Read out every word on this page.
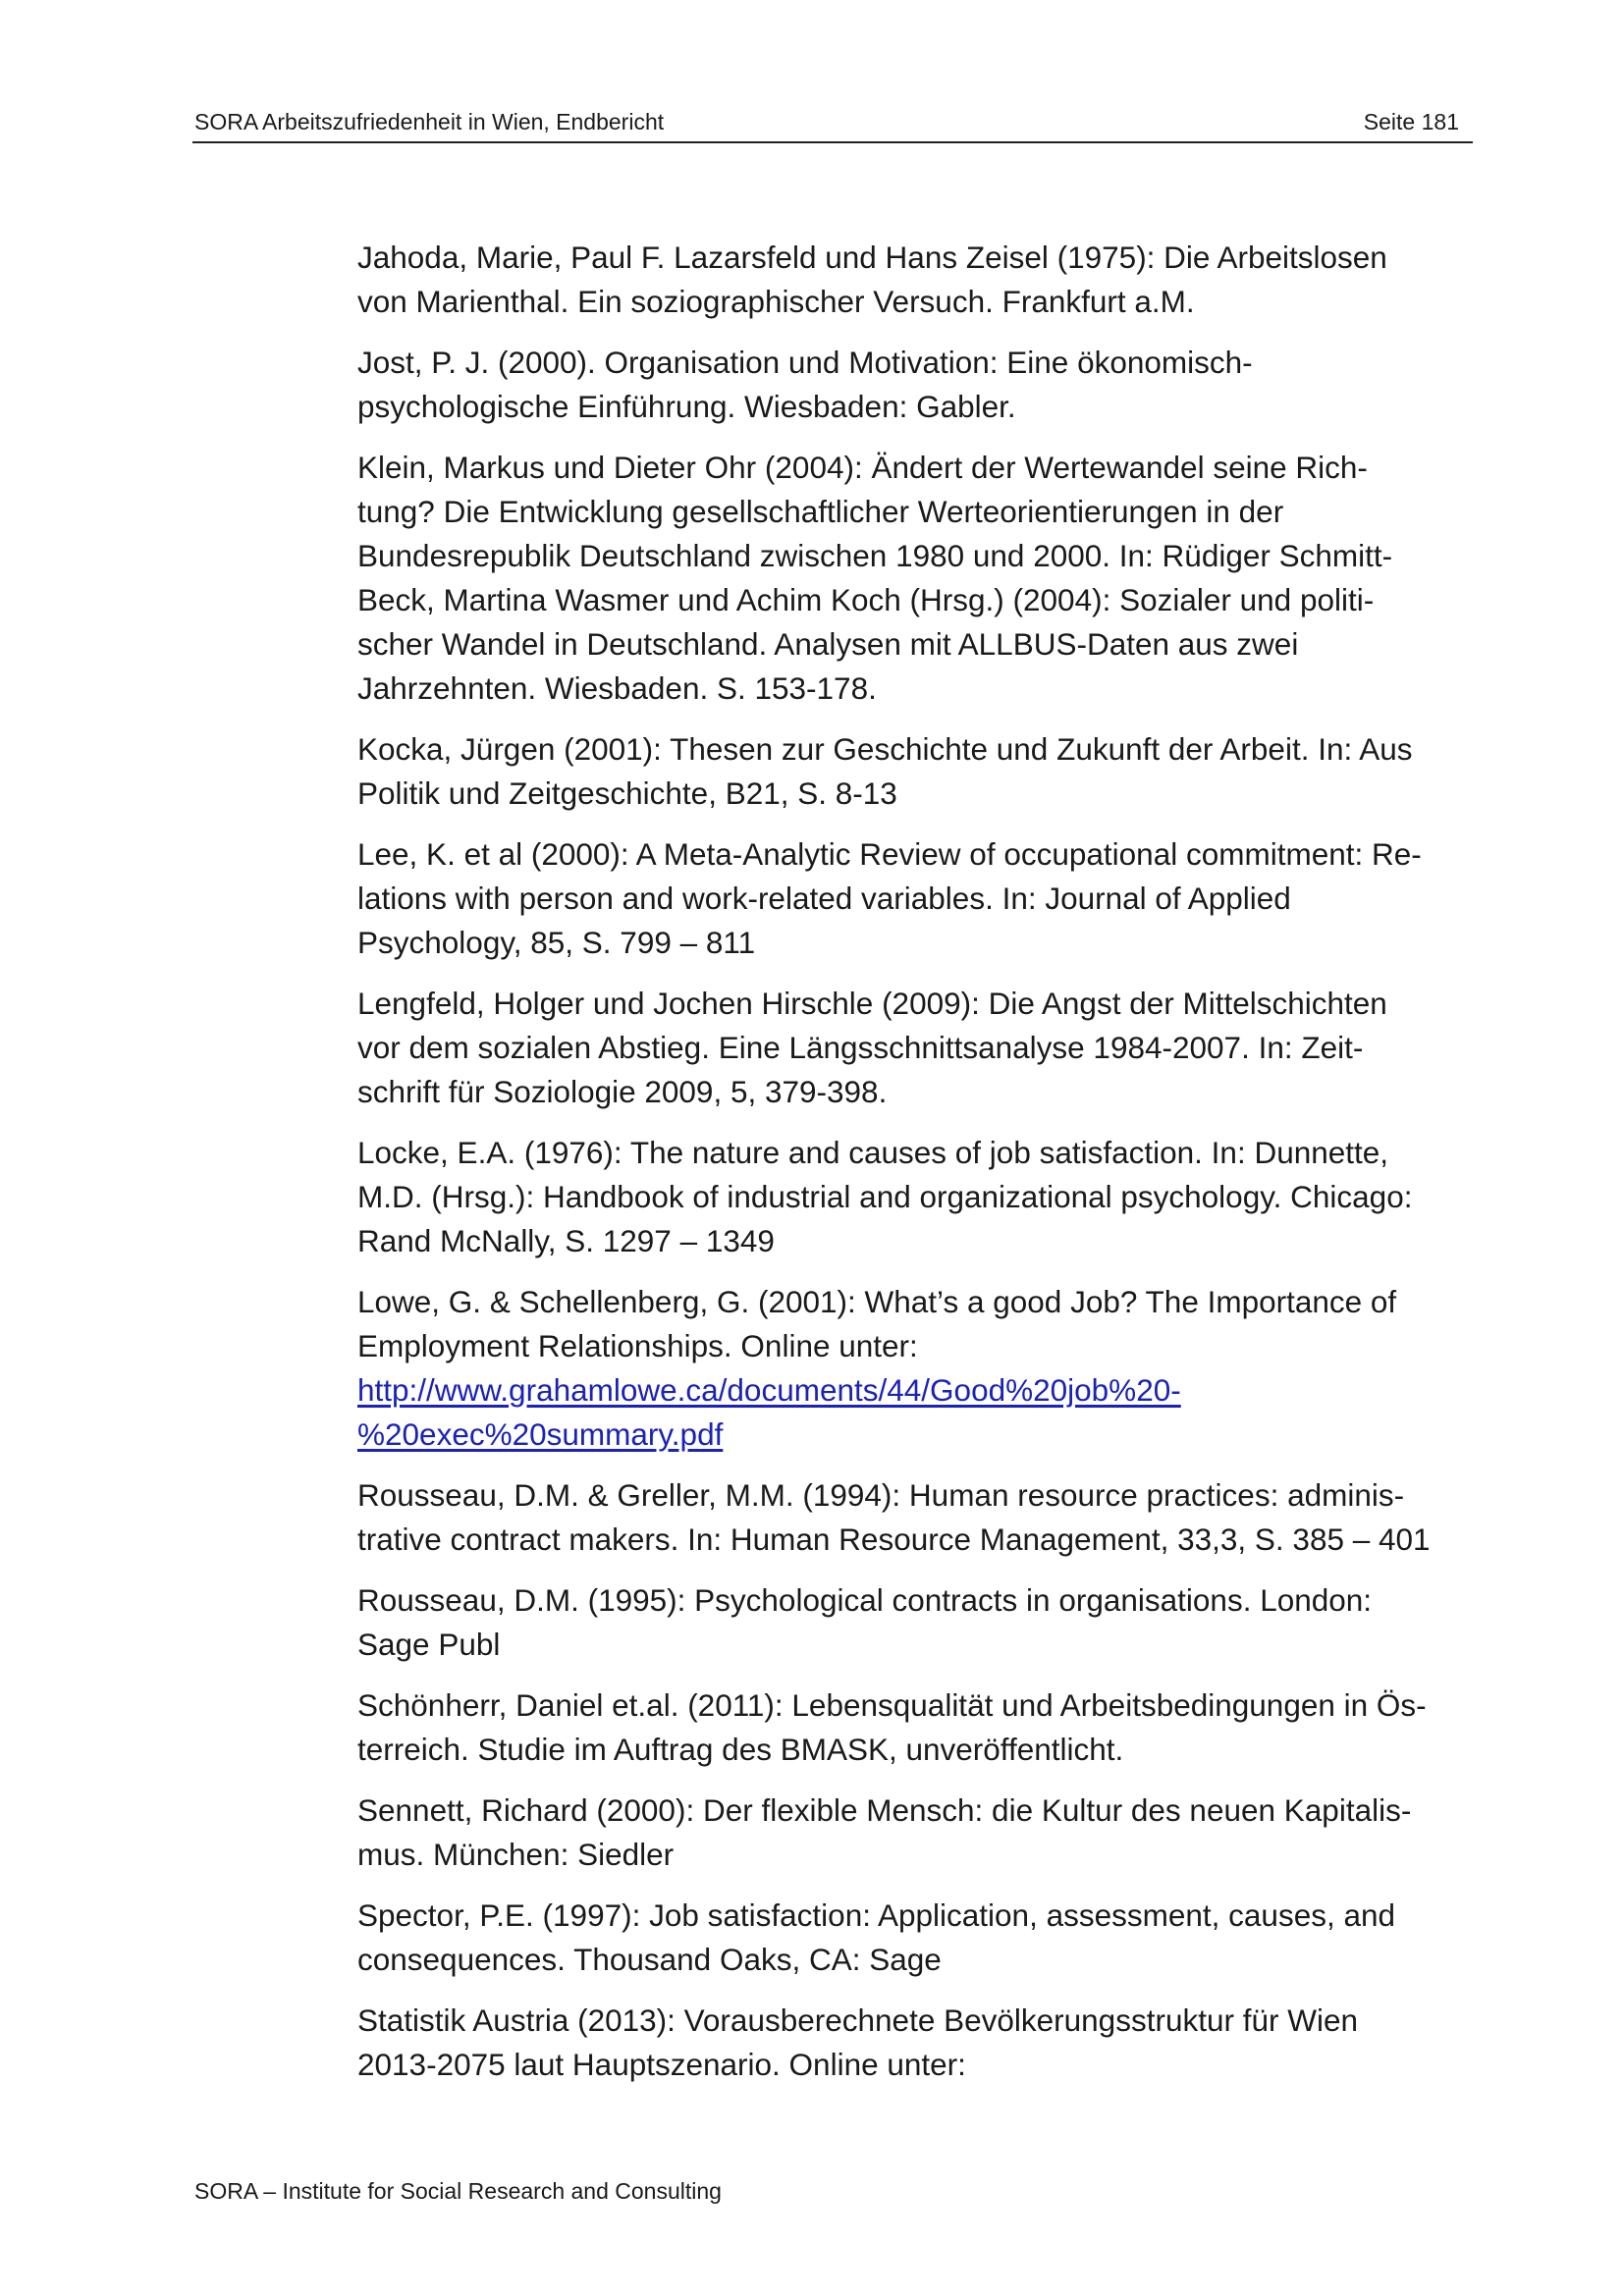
SORA Arbeitszufriedenheit in Wien, Endbericht	Seite 181

Jahoda, Marie, Paul F. Lazarsfeld und Hans Zeisel (1975): Die Arbeitslosen
von Marienthal. Ein soziographischer Versuch. Frankfurt a.M.

Jost, P. J. (2000). Organisation und Motivation: Eine ökonomisch-
psychologische Einführung. Wiesbaden: Gabler.

Klein, Markus und Dieter Ohr (2004): Ändert der Wertewandel seine Rich-
tung? Die Entwicklung gesellschaftlicher Werteorientierungen in der
Bundesrepublik Deutschland zwischen 1980 und 2000. In: Rüdiger Schmitt-
Beck, Martina Wasmer und Achim Koch (Hrsg.) (2004): Sozialer und politi-
scher Wandel in Deutschland. Analysen mit ALLBUS-Daten aus zwei
Jahrzehnten. Wiesbaden. S. 153-178.

Kocka, Jürgen (2001): Thesen zur Geschichte und Zukunft der Arbeit. In: Aus
Politik und Zeitgeschichte, B21, S. 8-13

Lee, K. et al (2000): A Meta-Analytic Review of occupational commitment: Re-
lations with person and work-related variables. In: Journal of Applied
Psychology, 85, S. 799 – 811

Lengfeld, Holger und Jochen Hirschle (2009): Die Angst der Mittelschichten
vor dem sozialen Abstieg. Eine Längsschnittsanalyse 1984-2007. In: Zeit-
schrift für Soziologie 2009, 5, 379-398.

Locke, E.A. (1976): The nature and causes of job satisfaction. In: Dunnette,
M.D. (Hrsg.): Handbook of industrial and organizational psychology. Chicago:
Rand McNally, S. 1297 – 1349

Lowe, G. & Schellenberg, G. (2001): What’s a good Job? The Importance of
Employment Relationships. Online unter:
http://www.grahamlowe.ca/documents/44/Good%20job%20-
%20exec%20summary.pdf

Rousseau, D.M. & Greller, M.M. (1994): Human resource practices: adminis-
trative contract makers. In: Human Resource Management, 33,3, S. 385 – 401

Rousseau, D.M. (1995): Psychological contracts in organisations. London:
Sage Publ

Schönherr, Daniel et.al. (2011): Lebensqualität und Arbeitsbedingungen in Ös-
terreich. Studie im Auftrag des BMASK, unveröffentlicht.

Sennett, Richard (2000): Der flexible Mensch: die Kultur des neuen Kapitalis-
mus. München: Siedler

Spector, P.E. (1997): Job satisfaction: Application, assessment, causes, and
consequences. Thousand Oaks, CA: Sage

Statistik Austria (2013): Vorausberechnete Bevölkerungsstruktur für Wien
2013-2075 laut Hauptszenario. Online unter:

SORA – Institute for Social Research and Consulting
